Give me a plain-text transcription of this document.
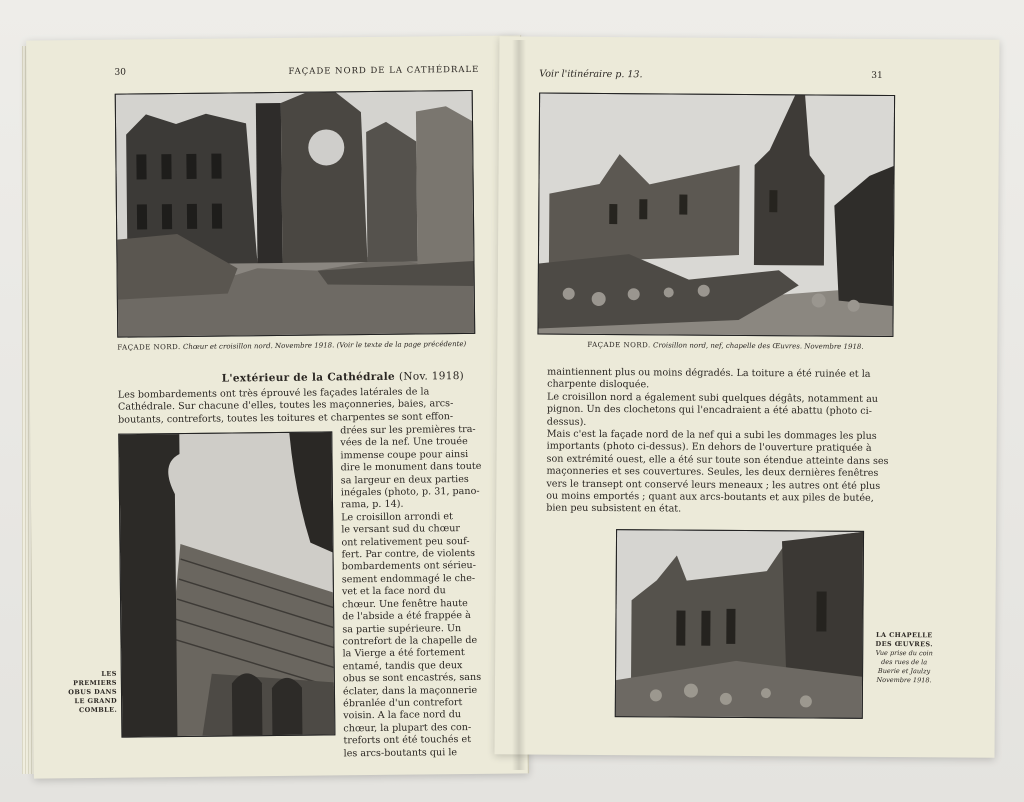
30	FAÇADE NORD DE LA CATHÉDRALE
FAÇADE NORD. Chœur et croisillon nord. Novembre 1918. (Voir le texte de la page précédente)
L'extérieur de la Cathédrale (Nov. 1918)

Les bombardements ont très éprouvé les façades latérales de la
Cathédrale. Sur chacune d'elles, toutes les maçonneries, baies, arcs-
boutants, contreforts, toutes les toitures et charpentes se sont effon-

LES
PREMIERS
OBUS DANS
LE GRAND
COMBLE.

drées sur les premières tra-
vées de la nef. Une trouée
immense coupe pour ainsi
dire le monument dans toute
sa largeur en deux parties
inégales (photo, p. 31, pano-
rama, p. 14).
Le croisillon arrondi et
le versant sud du chœur
ont relativement peu souf-
fert. Par contre, de violents
bombardements ont sérieu-
sement endommagé le che-
vet et la face nord du
chœur. Une fenêtre haute
de l'abside a été frappée à
sa partie supérieure. Un
contrefort de la chapelle de
la Vierge a été fortement
entamé, tandis que deux
obus se sont encastrés, sans
éclater, dans la maçonnerie
ébranlée d'un contrefort
voisin. A la face nord du
chœur, la plupart des con-
treforts ont été touchés et
les arcs-boutants qui le

Voir l'itinéraire p. 13.	31
FAÇADE NORD. Croisillon nord, nef, chapelle des Œuvres. Novembre 1918.

maintiennent plus ou moins dégradés. La toiture a été ruinée et la
charpente disloquée.
Le croisillon nord a également subi quelques dégâts, notamment au
pignon. Un des clochetons qui l'encadraient a été abattu (photo ci-
dessus).
Mais c'est la façade nord de la nef qui a subi les dommages les plus
importants (photo ci-dessus). En dehors de l'ouverture pratiquée à
son extrémité ouest, elle a été sur toute son étendue atteinte dans ses
maçonneries et ses couvertures. Seules, les deux dernières fenêtres
vers le transept ont conservé leurs meneaux ; les autres ont été plus
ou moins emportés ; quant aux arcs-boutants et aux piles de butée,
bien peu subsistent en état.

LA CHAPELLE
DES ŒUVRES.
Vue prise du coin
des rues de la
Buerie et Jaulzy
Novembre 1918.
